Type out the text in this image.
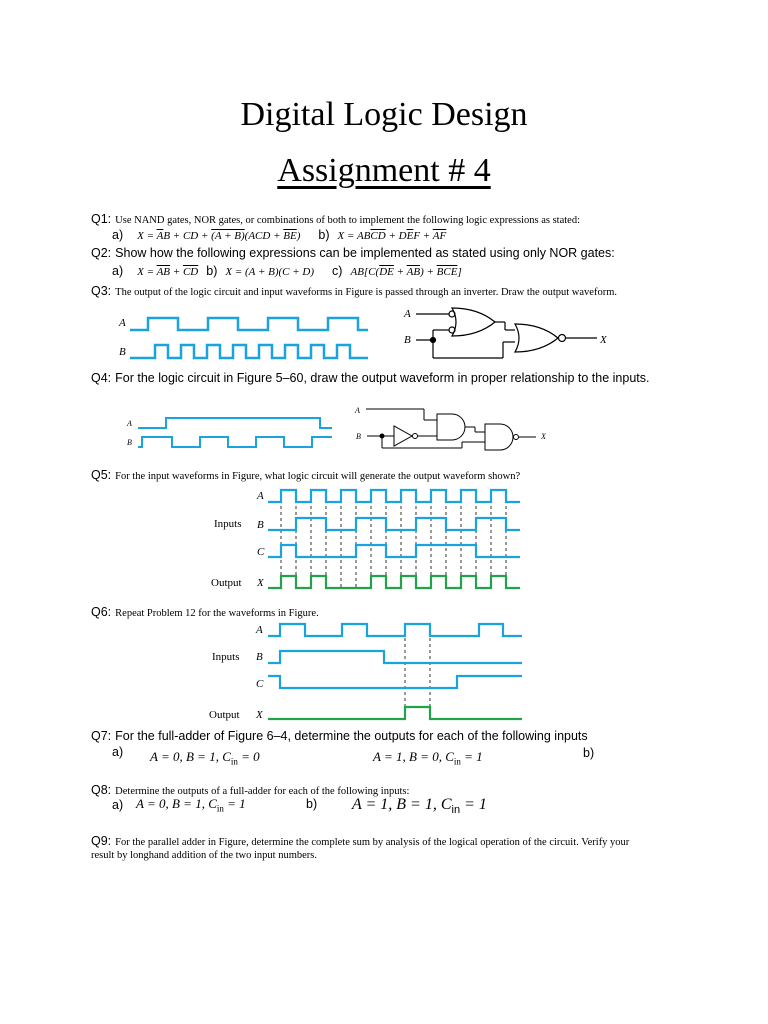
Digital Logic Design
Assignment # 4
Q1: Use NAND gates, NOR gates, or combinations of both to implement the following logic expressions as stated:
a) $X = \overline{A}B$ + CD + $(A + B)(ACD + \overline{BE})$ b) $X = AB\overline{C}\overline{D} + D\overline{E}F + \overline{AF}$
Q2: Show how the following expressions can be implemented as stated using only NOR gates:
a) $X = \overline{AB} + \overline{CD}$ b) X = (A + B)(C + D) c) $AB[C(\overline{DE} + \overline{AB}) + \overline{BCE}]$
Q3: The output of the logic circuit and input waveforms in Figure is passed through an inverter. Draw the output waveform.
A
B
A
B	X
Q4: For the logic circuit in Figure 5–60, draw the output waveform in proper relationship to the inputs.
A
B
A
B	X
Q5: For the input waveforms in Figure, what logic circuit will generate the output waveform shown?
Inputs
Output
A
B
C
X
Q6: Repeat Problem 12 for the waveforms in Figure.
Inputs
Output
A
B
C
X
Q7: For the full-adder of Figure 6–4, determine the outputs for each of the following inputs
a) A = 0, B = 1, $C_{in} = 0$	A = 1, B = 0, $C_{in} = 1$	b)
Q8: Determine the outputs of a full-adder for each of the following inputs:
a) A = 0, B = 1, $C_{in} = 1$	b) A = 1, B = 1, $C_{in} = 1$
Q9: For the parallel adder in Figure, determine the complete sum by analysis of the logical operation of the circuit. Verify your
result by longhand addition of the two input numbers.
